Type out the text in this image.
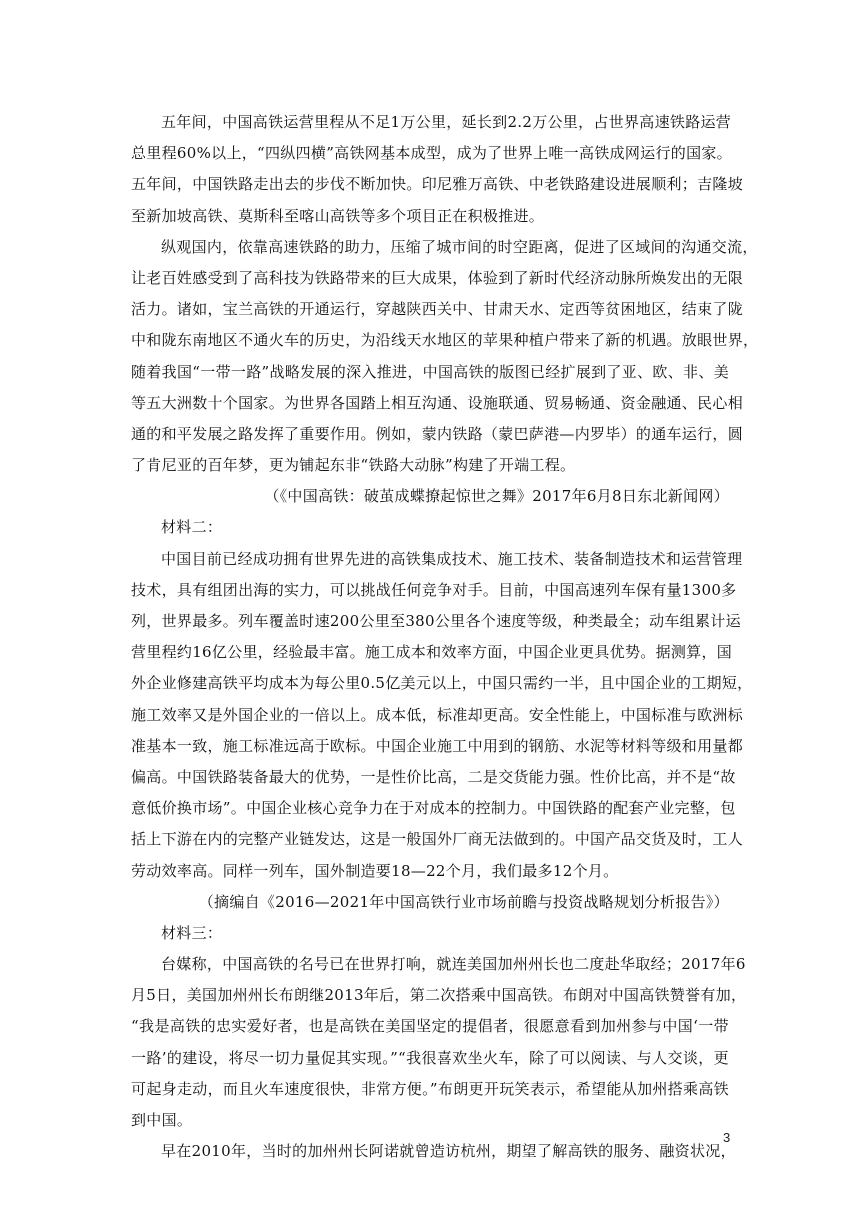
五年间，中国高铁运营里程从不足1万公里，延长到2.2万公里，占世界高速铁路运营
总里程60%以上，“四纵四横”高铁网基本成型，成为了世界上唯一高铁成网运行的国家。
五年间，中国铁路走出去的步伐不断加快。印尼雅万高铁、中老铁路建设进展顺利；吉隆坡
至新加坡高铁、莫斯科至喀山高铁等多个项目正在积极推进。
纵观国内，依靠高速铁路的助力，压缩了城市间的时空距离，促进了区域间的沟通交流，
让老百姓感受到了高科技为铁路带来的巨大成果，体验到了新时代经济动脉所焕发出的无限
活力。诸如，宝兰高铁的开通运行，穿越陕西关中、甘肃天水、定西等贫困地区，结束了陇
中和陇东南地区不通火车的历史，为沿线天水地区的苹果种植户带来了新的机遇。放眼世界，
随着我国“一带一路”战略发展的深入推进，中国高铁的版图已经扩展到了亚、欧、非、美
等五大洲数十个国家。为世界各国踏上相互沟通、设施联通、贸易畅通、资金融通、民心相
通的和平发展之路发挥了重要作用。例如，蒙内铁路（蒙巴萨港—内罗毕）的通车运行，圆
了肯尼亚的百年梦，更为铺起东非“铁路大动脉”构建了开端工程。
（《中国高铁：破茧成蝶撩起惊世之舞》2017年6月8日东北新闻网）
材料二：
中国目前已经成功拥有世界先进的高铁集成技术、施工技术、装备制造技术和运营管理
技术，具有组团出海的实力，可以挑战任何竞争对手。目前，中国高速列车保有量1300多
列，世界最多。列车覆盖时速200公里至380公里各个速度等级，种类最全；动车组累计运
营里程约16亿公里，经验最丰富。施工成本和效率方面，中国企业更具优势。据测算，国
外企业修建高铁平均成本为每公里0.5亿美元以上，中国只需约一半，且中国企业的工期短，
施工效率又是外国企业的一倍以上。成本低，标准却更高。安全性能上，中国标准与欧洲标
准基本一致，施工标准远高于欧标。中国企业施工中用到的钢筋、水泥等材料等级和用量都
偏高。中国铁路装备最大的优势，一是性价比高，二是交货能力强。性价比高，并不是“故
意低价换市场”。中国企业核心竞争力在于对成本的控制力。中国铁路的配套产业完整，包
括上下游在内的完整产业链发达，这是一般国外厂商无法做到的。中国产品交货及时，工人
劳动效率高。同样一列车，国外制造要18—22个月，我们最多12个月。
（摘编自《2016—2021年中国高铁行业市场前瞻与投资战略规划分析报告》）
材料三：
台媒称，中国高铁的名号已在世界打响，就连美国加州州长也二度赴华取经；2017年6
月5日，美国加州州长布朗继2013年后，第二次搭乘中国高铁。布朗对中国高铁赞誉有加，
“我是高铁的忠实爱好者，也是高铁在美国坚定的提倡者，很愿意看到加州参与中国‘一带
一路’的建设，将尽一切力量促其实现。”“我很喜欢坐火车，除了可以阅读、与人交谈，更
可起身走动，而且火车速度很快，非常方便。”布朗更开玩笑表示，希望能从加州搭乘高铁
到中国。
早在2010年，当时的加州州长阿诺就曾造访杭州，期望了解高铁的服务、融资状况，
3
